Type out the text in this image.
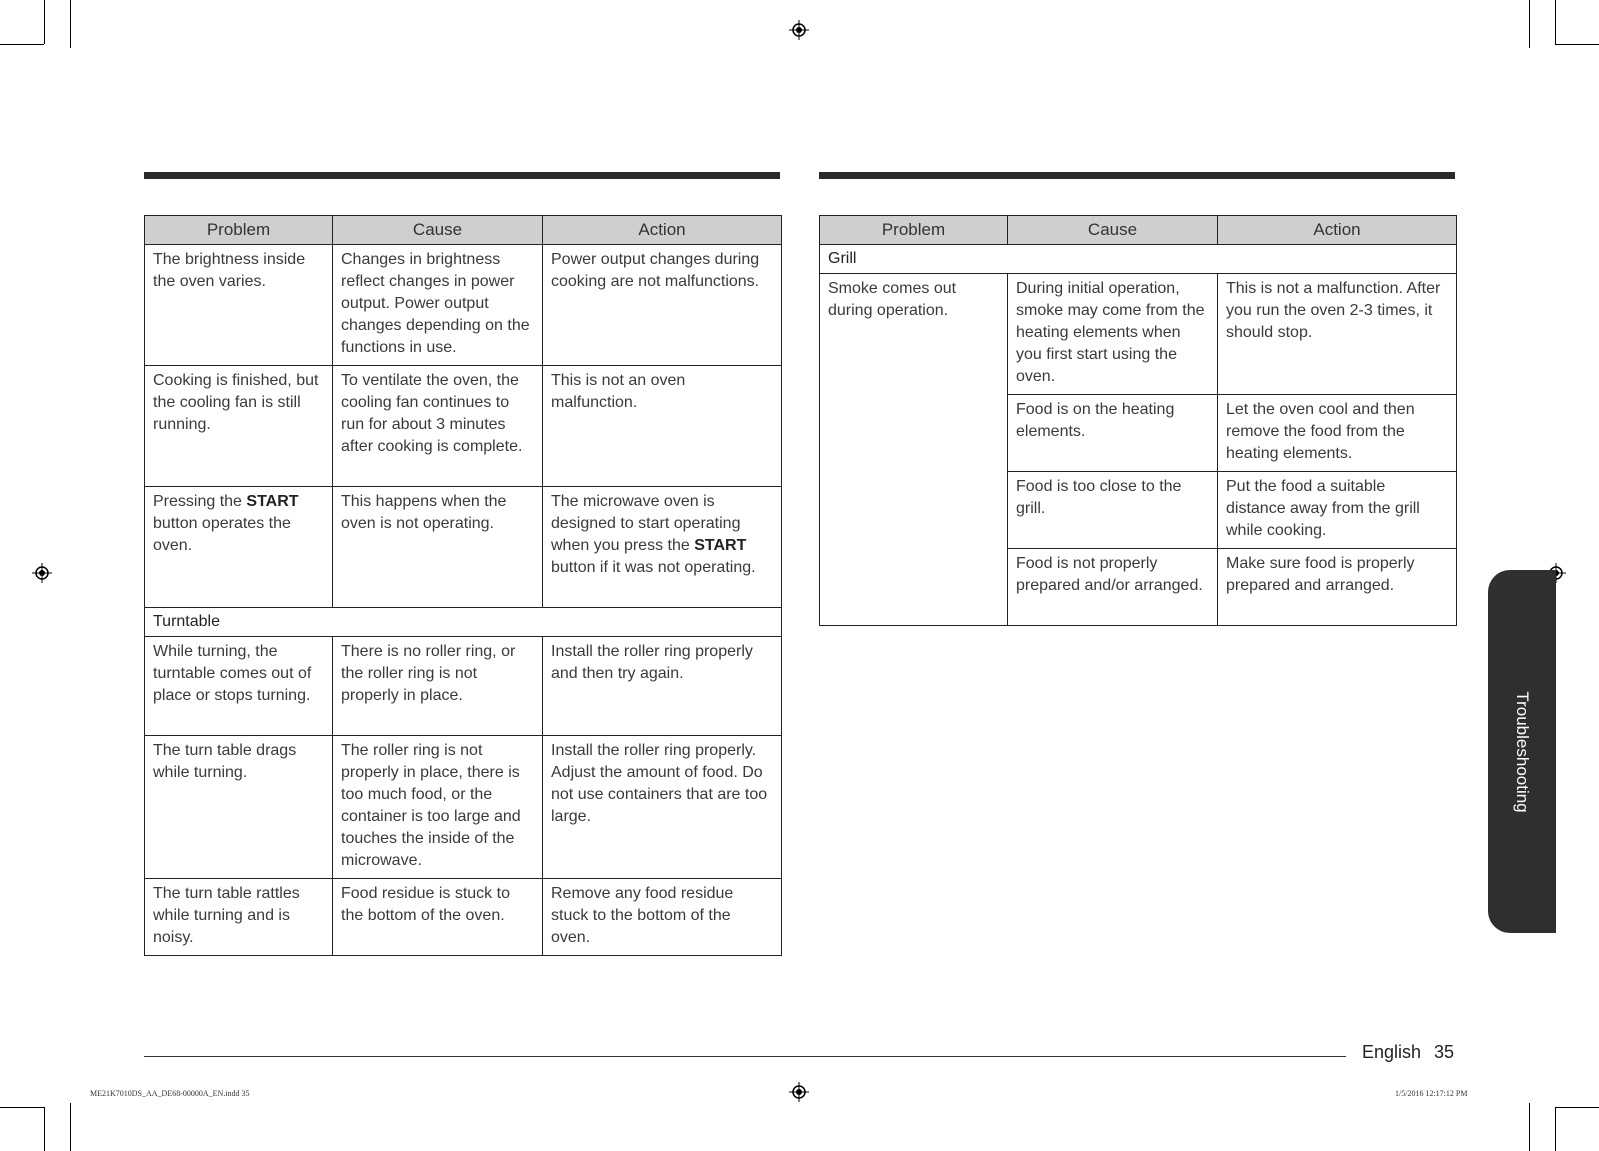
Problem	Cause	Action
The brightness inside the oven varies.	Changes in brightness reflect changes in power output. Power output changes depending on the functions in use.	Power output changes during cooking are not malfunctions.
Cooking is finished, but the cooling fan is still running.	To ventilate the oven, the cooling fan continues to run for about 3 minutes after cooking is complete.	This is not an oven malfunction.
Pressing the START button operates the oven.	This happens when the oven is not operating.	The microwave oven is designed to start operating when you press the START button if it was not operating.
Turntable		
While turning, the turntable comes out of place or stops turning.	There is no roller ring, or the roller ring is not properly in place.	Install the roller ring properly and then try again.
The turn table drags while turning.	The roller ring is not properly in place, there is too much food, or the container is too large and touches the inside of the microwave.	Install the roller ring properly. Adjust the amount of food. Do not use containers that are too large.
The turn table rattles while turning and is noisy.	Food residue is stuck to the bottom of the oven.	Remove any food residue stuck to the bottom of the oven.
Problem	Cause	Action
Grill		
Smoke comes out during operation.	During initial operation, smoke may come from the heating elements when you first start using the oven.	This is not a malfunction. After you run the oven 2-3 times, it should stop.
	Food is on the heating elements.	Let the oven cool and then remove the food from the heating elements.
	Food is too close to the grill.	Put the food a suitable distance away from the grill while cooking.
	Food is not properly prepared and/or arranged.	Make sure food is properly prepared and arranged.
Troubleshooting
English 35
ME21K7010DS_AA_DE68-00000A_EN.indd 35	1/5/2016 12:17:12 PM
